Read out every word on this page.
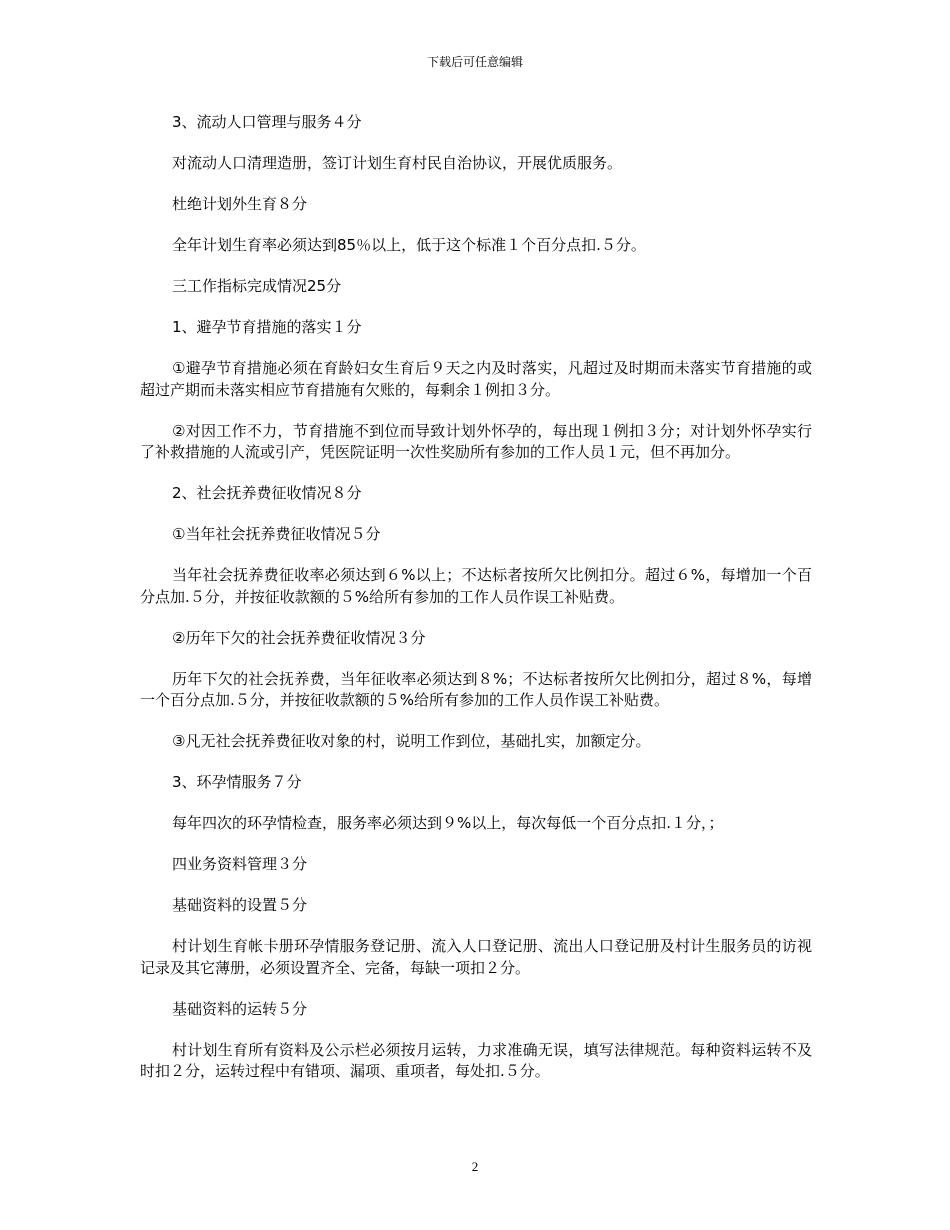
下载后可任意编辑

3、流动人口管理与服务４分

对流动人口清理造册，签订计划生育村民自治协议，开展优质服务。

杜绝计划外生育８分

全年计划生育率必须达到85％以上，低于这个标准１个百分点扣.５分。

三工作指标完成情况25分

1、避孕节育措施的落实１分

①避孕节育措施必须在育龄妇女生育后９天之内及时落实，凡超过及时期而未落实节育措施的或超过产期而未落实相应节育措施有欠账的，每剩余１例扣３分。

②对因工作不力，节育措施不到位而导致计划外怀孕的，每出现１例扣３分；对计划外怀孕实行了补救措施的人流或引产，凭医院证明一次性奖励所有参加的工作人员１元，但不再加分。

2、社会抚养费征收情况８分

①当年社会抚养费征收情况５分

当年社会抚养费征收率必须达到６%以上；不达标者按所欠比例扣分。超过６%，每增加一个百分点加.５分，并按征收款额的５%给所有参加的工作人员作误工补贴费。

②历年下欠的社会抚养费征收情况３分

历年下欠的社会抚养费，当年征收率必须达到８%；不达标者按所欠比例扣分，超过８%，每增一个百分点加.５分，并按征收款额的５%给所有参加的工作人员作误工补贴费。

③凡无社会抚养费征收对象的村，说明工作到位，基础扎实，加额定分。

3、环孕情服务７分

每年四次的环孕情检查，服务率必须达到９%以上，每次每低一个百分点扣.１分，；

四业务资料管理３分

基础资料的设置５分

村计划生育帐卡册环孕情服务登记册、流入人口登记册、流出人口登记册及村计生服务员的访视记录及其它薄册，必须设置齐全、完备，每缺一项扣２分。

基础资料的运转５分

村计划生育所有资料及公示栏必须按月运转，力求准确无误，填写法律规范。每种资料运转不及时扣２分，运转过程中有错项、漏项、重项者，每处扣.５分。

2
